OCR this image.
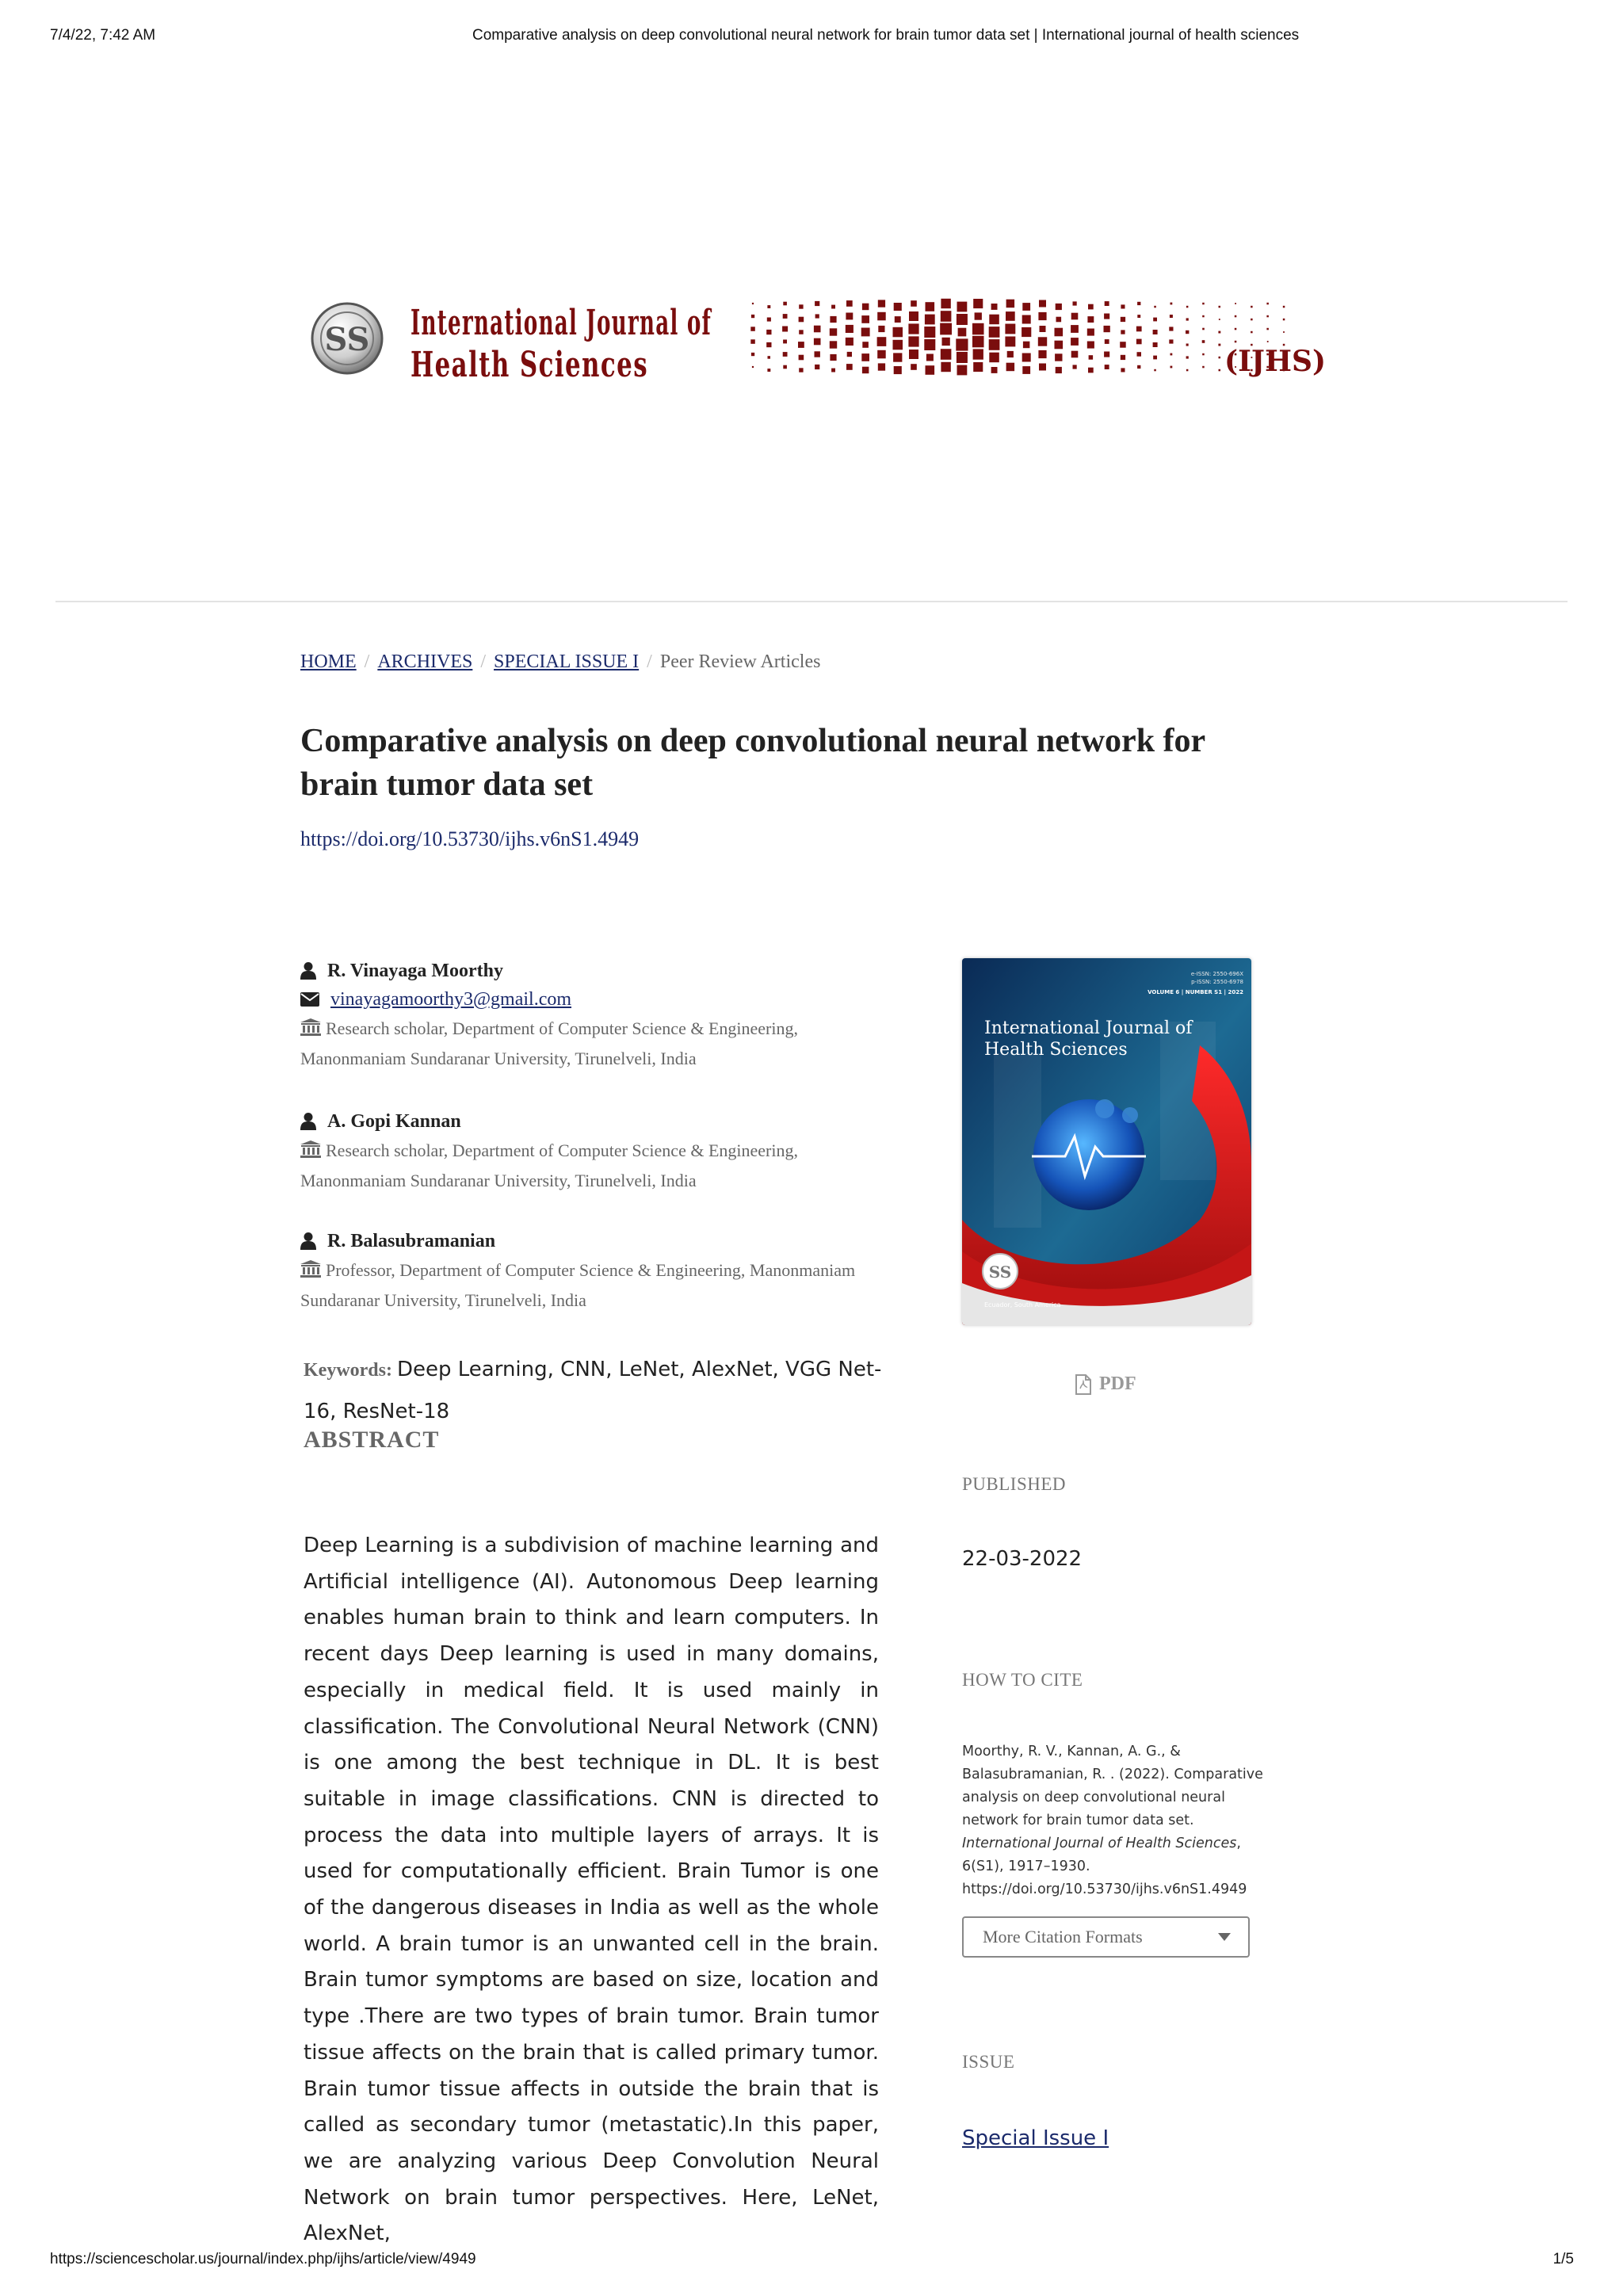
7/4/22, 7:42 AM	Comparative analysis on deep convolutional neural network for brain tumor data set | International journal of health sciences
SS International Journal of
Health Sciences	(IJHS)
HOME / ARCHIVES / SPECIAL ISSUE I / Peer Review Articles
Comparative analysis on deep convolutional neural network for brain tumor data set
https://doi.org/10.53730/ijhs.v6nS1.4949
R. Vinayaga Moorthy
vinayagamoorthy3@gmail.com
Research scholar, Department of Computer Science & Engineering, Manonmaniam Sundaranar University, Tirunelveli, India
A. Gopi Kannan
Research scholar, Department of Computer Science & Engineering, Manonmaniam Sundaranar University, Tirunelveli, India
R. Balasubramanian
Professor, Department of Computer Science & Engineering, Manonmaniam Sundaranar University, Tirunelveli, India
Keywords: Deep Learning, CNN, LeNet, AlexNet, VGG Net-16, ResNet-18
ABSTRACT

Deep Learning is a subdivision of machine learning and Artificial intelligence (AI). Autonomous Deep learning enables human brain to think and learn computers. In recent days Deep learning is used in many domains, especially in medical field. It is used mainly in classification. The Convolutional Neural Network (CNN) is one among the best technique in DL. It is best suitable in image classifications. CNN is directed to process the data into multiple layers of arrays. It is used for computationally efficient. Brain Tumor is one of the dangerous diseases in India as well as the whole world. A brain tumor is an unwanted cell in the brain. Brain tumor symptoms are based on size, location and type .There are two types of brain tumor. Brain tumor tissue affects on the brain that is called primary tumor. Brain tumor tissue affects in outside the brain that is called as secondary tumor (metastatic).In this paper, we are analyzing various Deep Convolution Neural Network on brain tumor perspectives. Here, LeNet, AlexNet,

e-ISSN: 2550-696X
p-ISSN: 2550-6978
VOLUME 6 | NUMBER S1 | 2022
International Journal of
Health Sciences
SS
Ecuador, South America
PDF
PUBLISHED
22-03-2022
HOW TO CITE
Moorthy, R. V., Kannan, A. G., & Balasubramanian, R. . (2022). Comparative analysis on deep convolutional neural network for brain tumor data set. International Journal of Health Sciences, 6(S1), 1917–1930. https://doi.org/10.53730/ijhs.v6nS1.4949
More Citation Formats
ISSUE
Special Issue I
https://sciencescholar.us/journal/index.php/ijhs/article/view/4949	1/5
